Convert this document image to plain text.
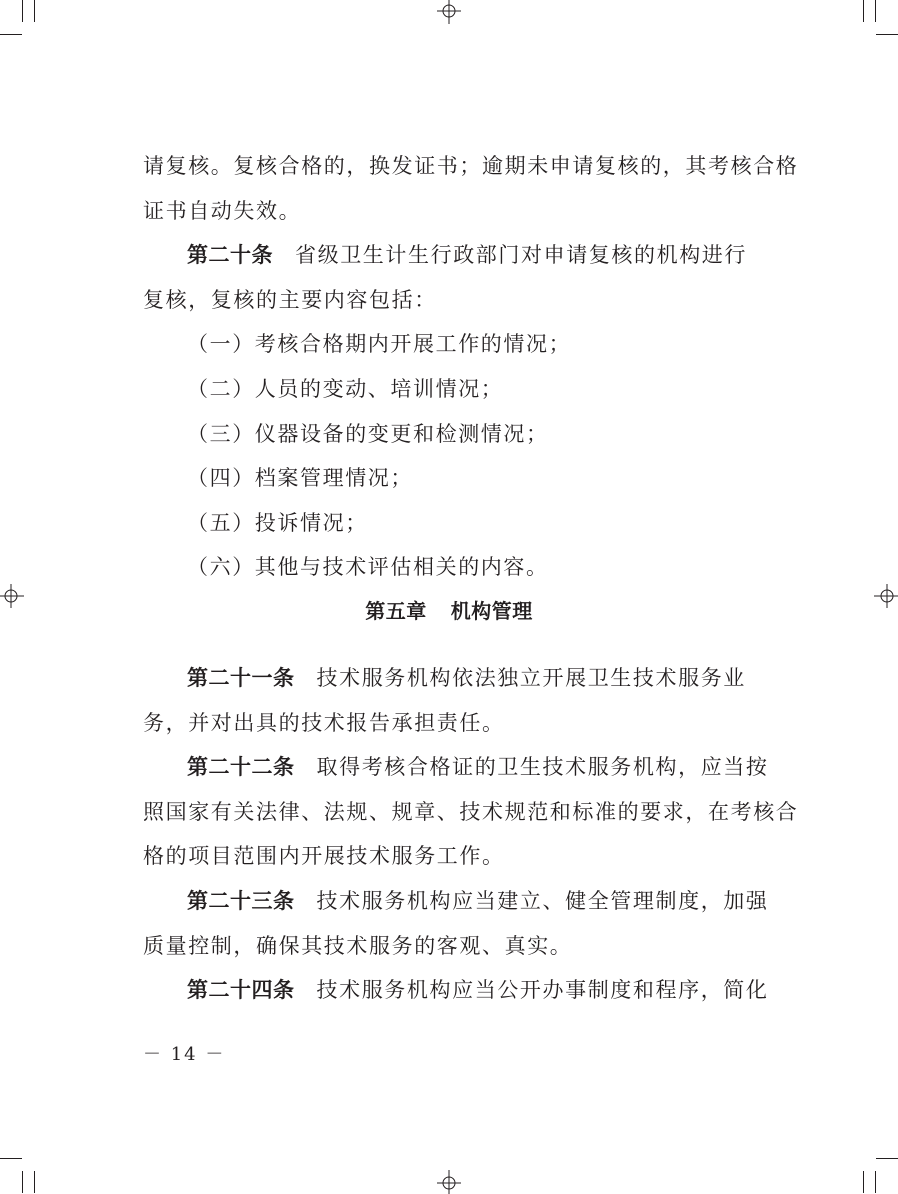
请复核。复核合格的，换发证书；逾期未申请复核的，其考核合格
证书自动失效。
第二十条 省级卫生计生行政部门对申请复核的机构进行
复核，复核的主要内容包括：
（一）考核合格期内开展工作的情况；
（二）人员的变动、培训情况；
（三）仪器设备的变更和检测情况；
（四）档案管理情况；
（五）投诉情况；
（六）其他与技术评估相关的内容。
第五章 机构管理
第二十一条 技术服务机构依法独立开展卫生技术服务业
务，并对出具的技术报告承担责任。
第二十二条 取得考核合格证的卫生技术服务机构，应当按
照国家有关法律、法规、规章、技术规范和标准的要求，在考核合
格的项目范围内开展技术服务工作。
第二十三条 技术服务机构应当建立、健全管理制度，加强
质量控制，确保其技术服务的客观、真实。
第二十四条 技术服务机构应当公开办事制度和程序，简化
－ 14 －
